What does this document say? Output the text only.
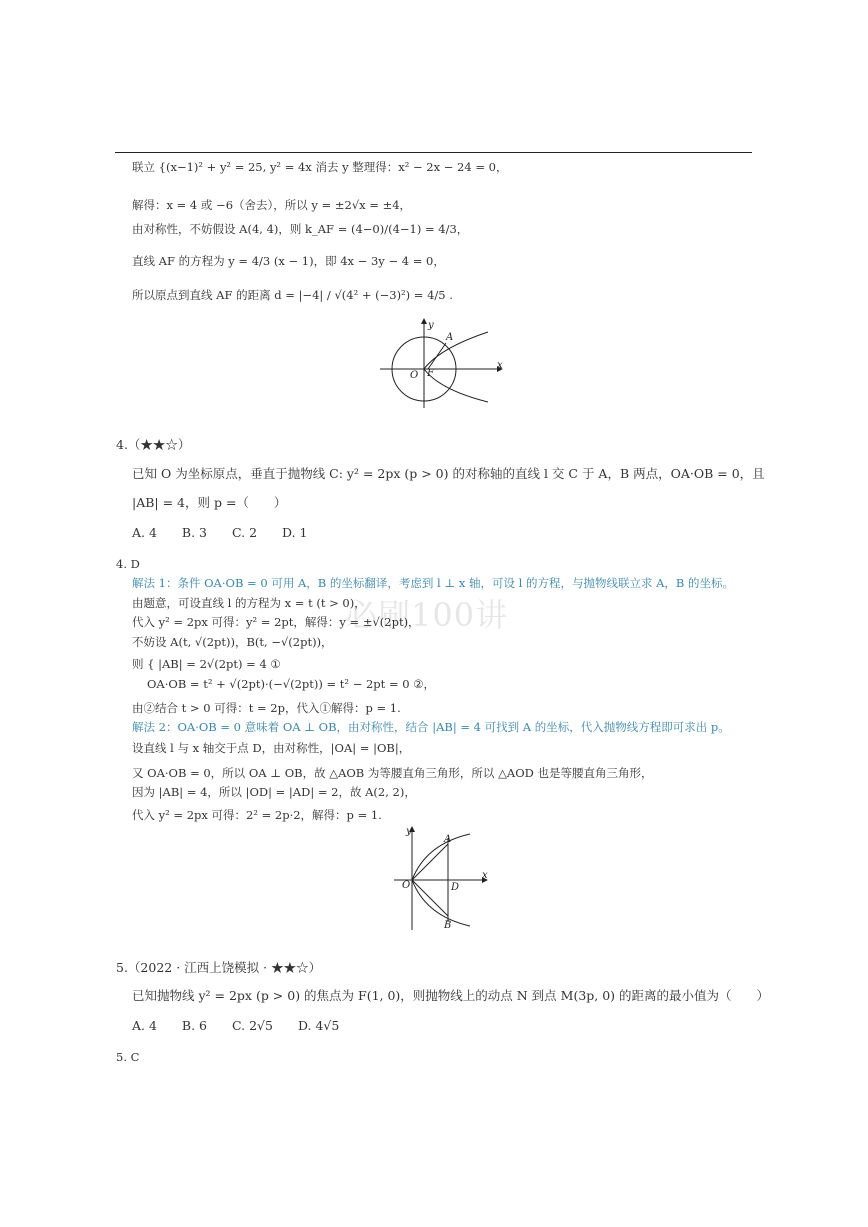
必刷100讲
联立 {(x−1)² + y² = 25, y² = 4x 消去 y 整理得：x² − 2x − 24 = 0，
解得：x = 4 或 −6（舍去），所以 y = ±2√x = ±4，
由对称性，不妨假设 A(4, 4)，则 k_AF = (4−0)/(4−1) = 4/3，
直线 AF 的方程为 y = 4/3 (x − 1)，即 4x − 3y − 4 = 0，
所以原点到直线 AF 的距离 d = |−4| / √(4² + (−3)²) = 4/5 .
y
x
O F
A
4.（★★☆）
已知 O 为坐标原点，垂直于抛物线 C: y² = 2px (p > 0) 的对称轴的直线 l 交 C 于 A，B 两点，OA·OB = 0，且
|AB| = 4，则 p =（　　）
A. 4　　B. 3　　C. 2　　D. 1
4. D
解法 1：条件 OA·OB = 0 可用 A，B 的坐标翻译，考虑到 l ⊥ x 轴，可设 l 的方程，与抛物线联立求 A，B 的坐标。
由题意，可设直线 l 的方程为 x = t (t > 0)，
代入 y² = 2px 可得：y² = 2pt，解得：y = ±√(2pt)，
不妨设 A(t, √(2pt))，B(t, −√(2pt))，
则 { |AB| = 2√(2pt) = 4 ①
OA·OB = t² + √(2pt)·(−√(2pt)) = t² − 2pt = 0 ②，
由②结合 t > 0 可得：t = 2p，代入①解得：p = 1.
解法 2：OA·OB = 0 意味着 OA ⊥ OB，由对称性，结合 |AB| = 4 可找到 A 的坐标，代入抛物线方程即可求出 p。
设直线 l 与 x 轴交于点 D，由对称性，|OA| = |OB|，
又 OA·OB = 0，所以 OA ⊥ OB，故 △AOB 为等腰直角三角形，所以 △AOD 也是等腰直角三角形，
因为 |AB| = 4，所以 |OD| = |AD| = 2，故 A(2, 2)，
代入 y² = 2px 可得：2² = 2p·2，解得：p = 1.
y
x
O
A
B
D
5.（2022 · 江西上饶模拟 · ★★☆）
已知抛物线 y² = 2px (p > 0) 的焦点为 F(1, 0)，则抛物线上的动点 N 到点 M(3p, 0) 的距离的最小值为（　　）
A. 4　　B. 6　　C. 2√5　　D. 4√5
5. C
